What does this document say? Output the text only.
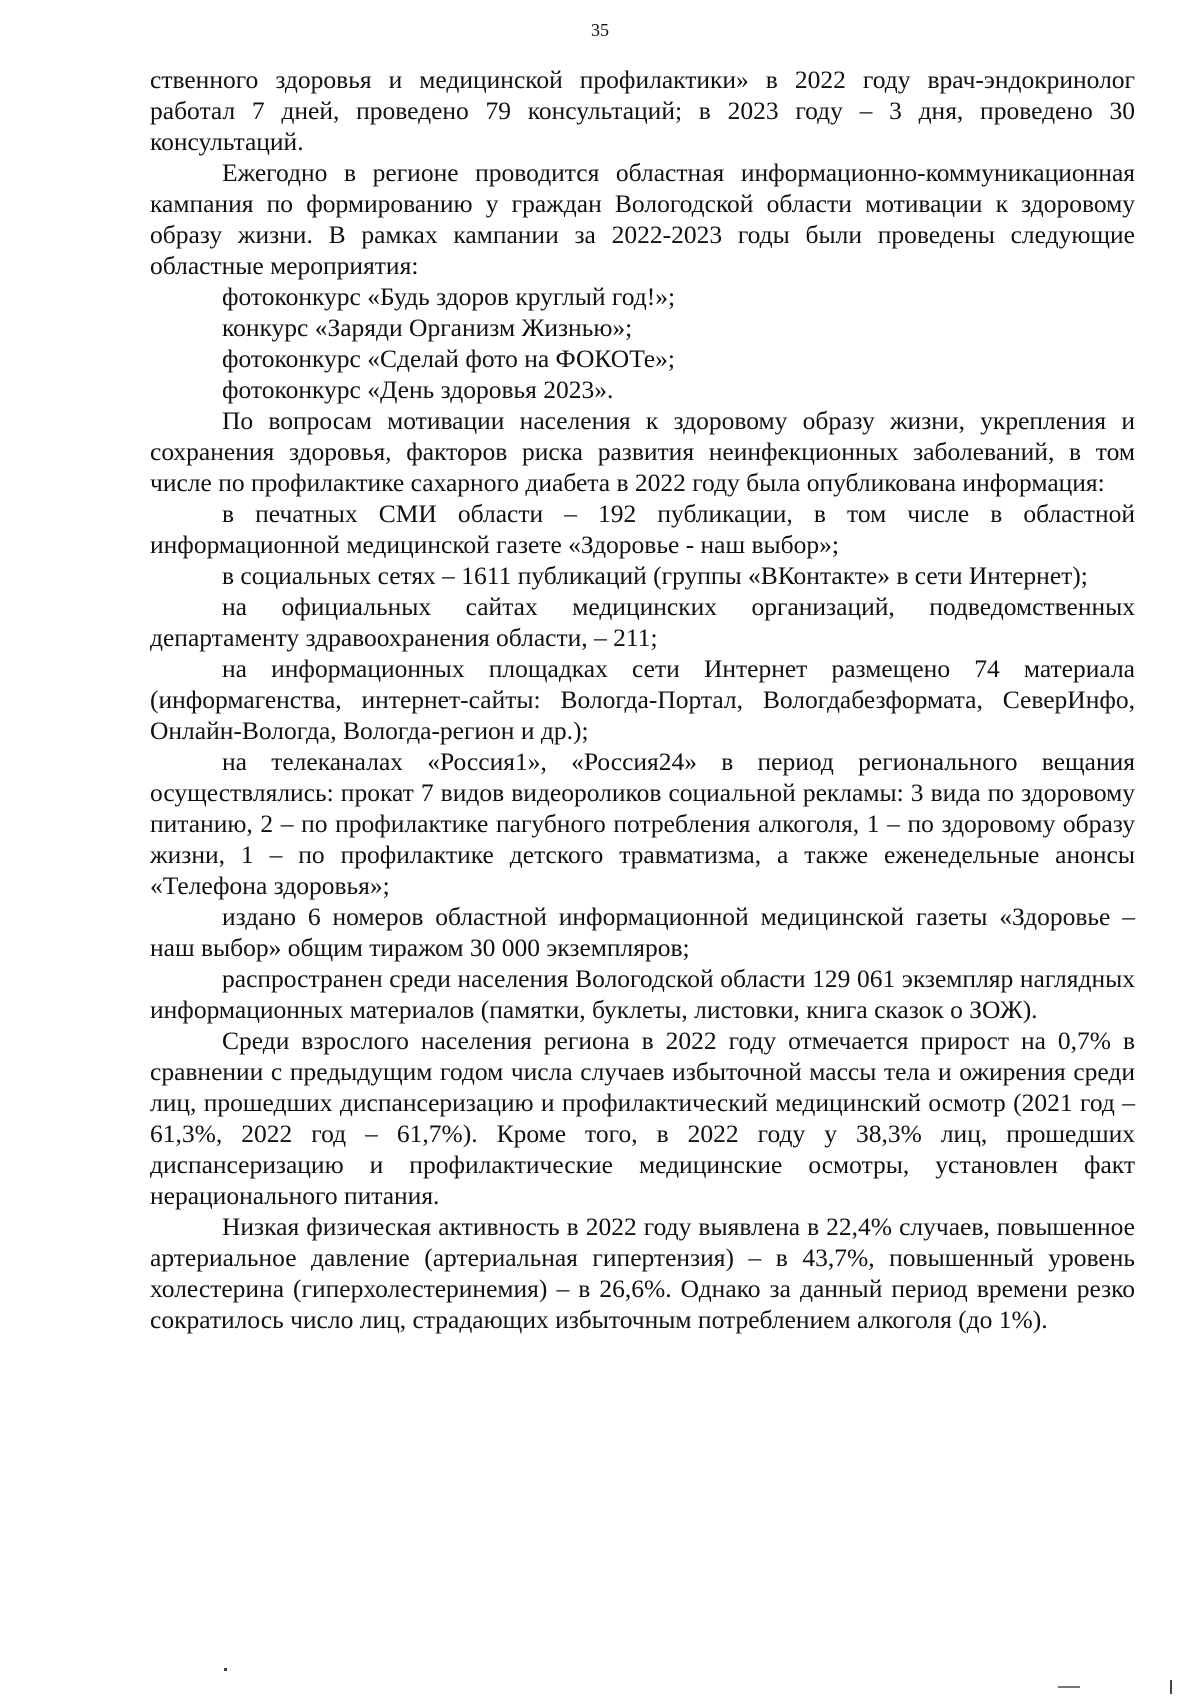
35

ственного здоровья и медицинской профилактики» в 2022 году врач-эндокринолог работал 7 дней, проведено 79 консультаций; в 2023 году – 3 дня, проведено 30 консультаций.

Ежегодно в регионе проводится областная информационно-коммуникационная кампания по формированию у граждан Вологодской области мотивации к здоровому образу жизни. В рамках кампании за 2022-2023 годы были проведены следующие областные мероприятия:

фотоконкурс «Будь здоров круглый год!»;

конкурс «Заряди Организм Жизнью»;

фотоконкурс «Сделай фото на ФОКОТе»;

фотоконкурс «День здоровья 2023».

По вопросам мотивации населения к здоровому образу жизни, укрепления и сохранения здоровья, факторов риска развития неинфекционных заболеваний, в том числе по профилактике сахарного диабета в 2022 году была опубликована информация:

в печатных СМИ области – 192 публикации, в том числе в областной информационной медицинской газете «Здоровье - наш выбор»;

в социальных сетях – 1611 публикаций (группы «ВКонтакте» в сети Интернет);

на официальных сайтах медицинских организаций, подведомственных департаменту здравоохранения области, – 211;

на информационных площадках сети Интернет размещено 74 материала (информагенства, интернет-сайты: Вологда-Портал, Вологдабезформата, СеверИнфо, Онлайн-Вологда, Вологда-регион и др.);

на телеканалах «Россия1», «Россия24» в период регионального вещания осуществлялись: прокат 7 видов видеороликов социальной рекламы: 3 вида по здоровому питанию, 2 – по профилактике пагубного потребления алкоголя, 1 – по здоровому образу жизни, 1 – по профилактике детского травматизма, а также еженедельные анонсы «Телефона здоровья»;

издано 6 номеров областной информационной медицинской газеты «Здоровье – наш выбор» общим тиражом 30 000 экземпляров;

распространен среди населения Вологодской области 129 061 экземпляр наглядных информационных материалов (памятки, буклеты, листовки, книга сказок о ЗОЖ).

Среди взрослого населения региона в 2022 году отмечается прирост на 0,7% в сравнении с предыдущим годом числа случаев избыточной массы тела и ожирения среди лиц, прошедших диспансеризацию и профилактический медицинский осмотр (2021 год – 61,3%, 2022 год – 61,7%). Кроме того, в 2022 году у 38,3% лиц, прошедших диспансеризацию и профилактические медицинские осмотры, установлен факт нерационального питания.

Низкая физическая активность в 2022 году выявлена в 22,4% случаев, повышенное артериальное давление (артериальная гипертензия) – в 43,7%, повышенный уровень холестерина (гиперхолестеринемия) – в 26,6%. Однако за данный период времени резко сократилось число лиц, страдающих избыточным потреблением алкоголя (до 1%).
